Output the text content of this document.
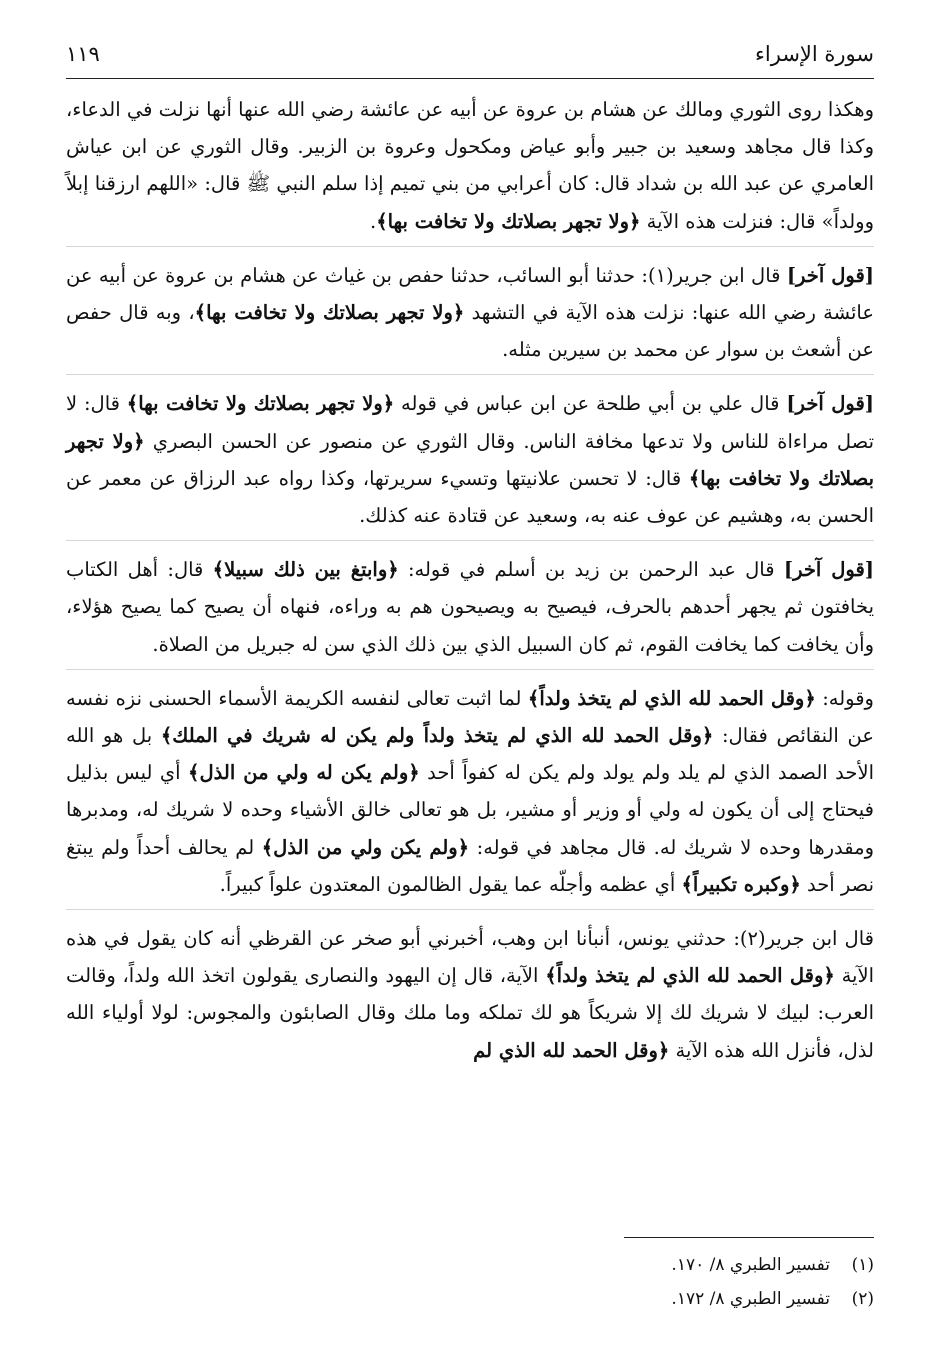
سورة الإسراء
١١٩

وهكذا روى الثوري ومالك عن هشام بن عروة عن أبيه عن عائشة رضي الله عنها أنها نزلت في الدعاء، وكذا قال مجاهد وسعيد بن جبير وأبو عياض ومكحول وعروة بن الزبير. وقال الثوري عن ابن عياش العامري عن عبد الله بن شداد قال: كان أعرابي من بني تميم إذا سلم النبي ﷺ قال: «اللهم ارزقنا إبلاً وولداً» قال: فنزلت هذه الآية ﴿ولا تجهر بصلاتك ولا تخافت بها﴾.

[قول آخر] قال ابن جرير(١): حدثنا أبو السائب، حدثنا حفص بن غياث عن هشام بن عروة عن أبيه عن عائشة رضي الله عنها: نزلت هذه الآية في التشهد ﴿ولا تجهر بصلاتك ولا تخافت بها﴾، وبه قال حفص عن أشعث بن سوار عن محمد بن سيرين مثله.

[قول آخر] قال علي بن أبي طلحة عن ابن عباس في قوله ﴿ولا تجهر بصلاتك ولا تخافت بها﴾ قال: لا تصل مراءاة للناس ولا تدعها مخافة الناس. وقال الثوري عن منصور عن الحسن البصري ﴿ولا تجهر بصلاتك ولا تخافت بها﴾ قال: لا تحسن علانيتها وتسيء سريرتها، وكذا رواه عبد الرزاق عن معمر عن الحسن به، وهشيم عن عوف عنه به، وسعيد عن قتادة عنه كذلك.

[قول آخر] قال عبد الرحمن بن زيد بن أسلم في قوله: ﴿وابتغ بين ذلك سبيلا﴾ قال: أهل الكتاب يخافتون ثم يجهر أحدهم بالحرف، فيصيح به ويصيحون هم به وراءه، فنهاه أن يصيح كما يصيح هؤلاء، وأن يخافت كما يخافت القوم، ثم كان السبيل الذي بين ذلك الذي سن له جبريل من الصلاة.

وقوله: ﴿وقل الحمد لله الذي لم يتخذ ولداً﴾ لما اثبت تعالى لنفسه الكريمة الأسماء الحسنى نزه نفسه عن النقائص فقال: ﴿وقل الحمد لله الذي لم يتخذ ولداً ولم يكن له شريك في الملك﴾ بل هو الله الأحد الصمد الذي لم يلد ولم يولد ولم يكن له كفواً أحد ﴿ولم يكن له ولي من الذل﴾ أي ليس بذليل فيحتاج إلى أن يكون له ولي أو وزير أو مشير، بل هو تعالى خالق الأشياء وحده لا شريك له، ومدبرها ومقدرها وحده لا شريك له. قال مجاهد في قوله: ﴿ولم يكن ولي من الذل﴾ لم يحالف أحداً ولم يبتغ نصر أحد ﴿وكبره تكبيراً﴾ أي عظمه وأجلّه عما يقول الظالمون المعتدون علواً كبيراً.

قال ابن جرير(٢): حدثني يونس، أنبأنا ابن وهب، أخبرني أبو صخر عن القرظي أنه كان يقول في هذه الآية ﴿وقل الحمد لله الذي لم يتخذ ولداً﴾ الآية، قال إن اليهود والنصارى يقولون اتخذ الله ولداً، وقالت العرب: لبيك لا شريك لك إلا شريكاً هو لك تملكه وما ملك وقال الصابئون والمجوس: لولا أولياء الله لذل، فأنزل الله هذه الآية ﴿وقل الحمد لله الذي لم

(١)تفسير الطبري ٨/ ١٧٠.
(٢)تفسير الطبري ٨/ ١٧٢.
